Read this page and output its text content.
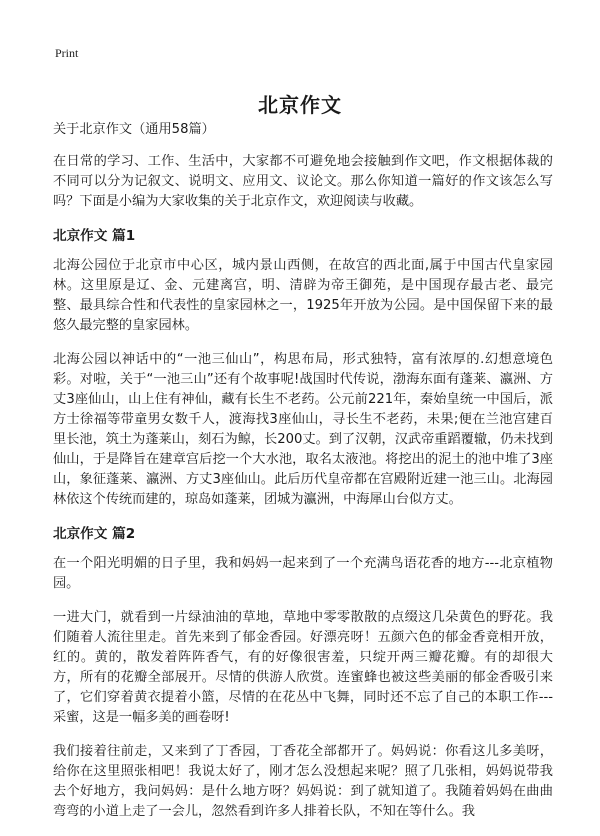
Print
北京作文

关于北京作文（通用58篇）

在日常的学习、工作、生活中，大家都不可避免地会接触到作文吧，作文根据体裁的不同可以分为记叙文、说明文、应用文、议论文。那么你知道一篇好的作文该怎么写吗？下面是小编为大家收集的关于北京作文，欢迎阅读与收藏。

北京作文 篇1

北海公园位于北京市中心区，城内景山西侧，在故宫的西北面,属于中国古代皇家园林。这里原是辽、金、元建离宫，明、清辟为帝王御苑，是中国现存最古老、最完整、最具综合性和代表性的皇家园林之一，1925年开放为公园。是中国保留下来的最悠久最完整的皇家园林。

北海公园以神话中的“一池三仙山”，构思布局，形式独特，富有浓厚的.幻想意境色彩。对啦，关于“一池三山”还有个故事呢!战国时代传说，渤海东面有蓬莱、瀛洲、方丈3座仙山，山上住有神仙，藏有长生不老药。公元前221年，秦始皇统一中国后，派方士徐福等带童男女数千人，渡海找3座仙山，寻长生不老药，未果;便在兰池宫建百里长池，筑土为蓬莱山，刻石为鲸，长200丈。到了汉朝，汉武帝重蹈覆辙，仍未找到仙山，于是降旨在建章宫后挖一个大水池，取名太液池。将挖出的泥土的池中堆了3座山，象征蓬莱、瀛洲、方丈3座仙山。此后历代皇帝都在宫殿附近建一池三山。北海园林依这个传统而建的，琼岛如蓬莱，团城为瀛洲，中海犀山台似方丈。

北京作文 篇2

在一个阳光明媚的日子里，我和妈妈一起来到了一个充满鸟语花香的地方---北京植物园。

一进大门，就看到一片绿油油的草地，草地中零零散散的点缀这几朵黄色的野花。我们随着人流往里走。首先来到了郁金香园。好漂亮呀！五颜六色的郁金香竟相开放，红的。黄的，散发着阵阵香气，有的好像很害羞，只绽开两三瓣花瓣。有的却很大方，所有的花瓣全部展开。尽情的供游人欣赏。连蜜蜂也被这些美丽的郁金香吸引来了，它们穿着黄衣提着小篮，尽情的在花丛中飞舞，同时还不忘了自己的本职工作---采蜜，这是一幅多美的画卷呀!

我们接着往前走，又来到了丁香园，丁香花全部都开了。妈妈说：你看这儿多美呀，给你在这里照张相吧！我说太好了，刚才怎么没想起来呢？照了几张相，妈妈说带我去个好地方，我问妈妈：是什么地方呀？妈妈说：到了就知道了。我随着妈妈在曲曲弯弯的小道上走了一会儿，忽然看到许多人排着长队，不知在等什么。我
